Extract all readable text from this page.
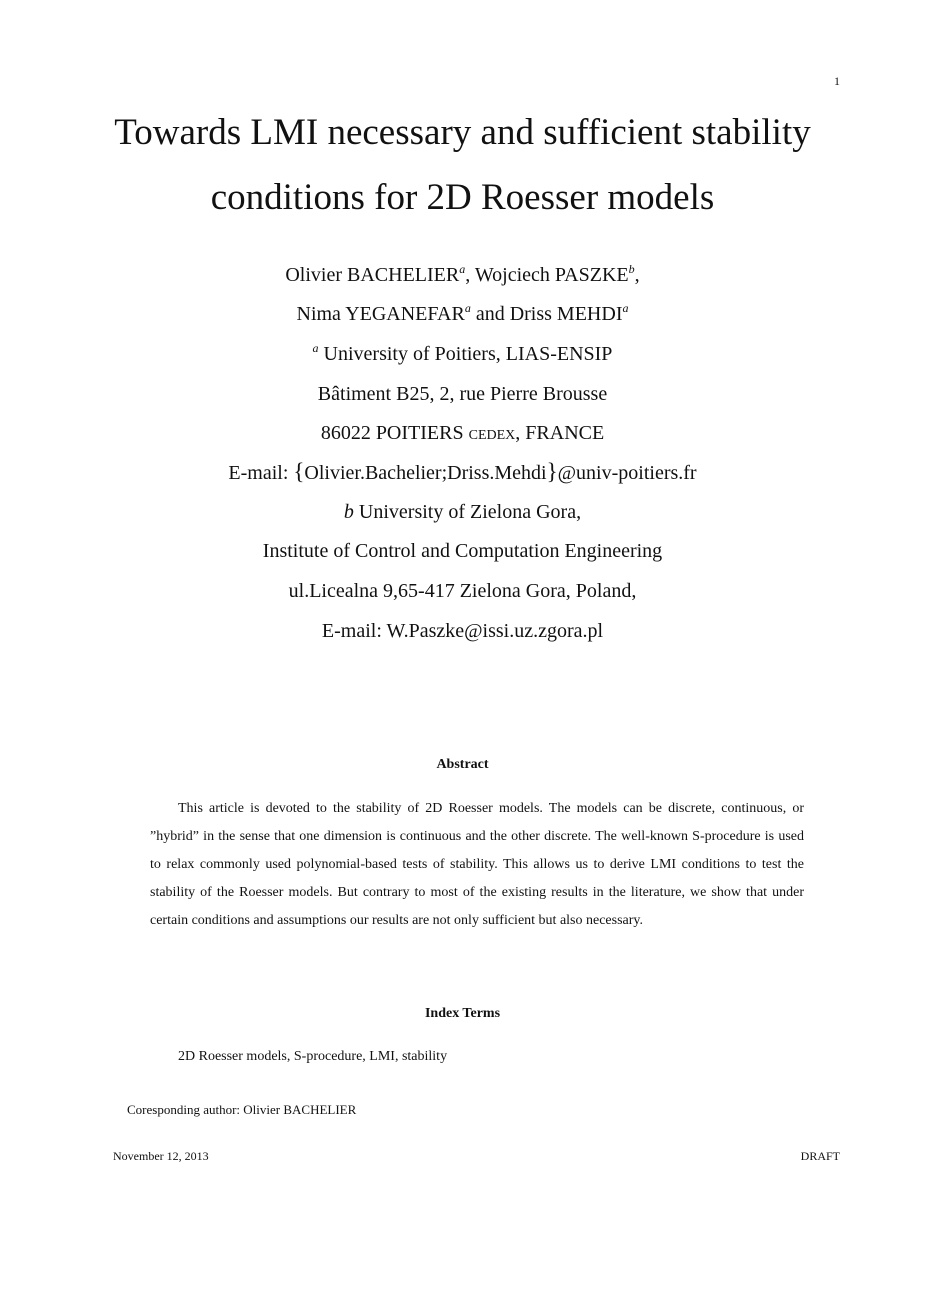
1
Towards LMI necessary and sufficient stability
conditions for 2D Roesser models
Olivier BACHELIER$^a$, Wojciech PASZKE$^b$,
Nima YEGANEFAR$^a$ and Driss MEHDI$^a$
$^a$ University of Poitiers, LIAS-ENSIP
Bâtiment B25, 2, rue Pierre Brousse
86022 POITIERS cedex, FRANCE
E-mail: {Olivier.Bachelier;Driss.Mehdi}@univ-poitiers.fr
b University of Zielona Gora,
Institute of Control and Computation Engineering
ul.Licealna 9,65-417 Zielona Gora, Poland,
E-mail: W.Paszke@issi.uz.zgora.pl
Abstract
This article is devoted to the stability of 2D Roesser models. The models can be discrete, continuous, or ”hybrid” in the sense that one dimension is continuous and the other discrete. The well-known S-procedure is used to relax commonly used polynomial-based tests of stability. This allows us to derive LMI conditions to test the stability of the Roesser models. But contrary to most of the existing results in the literature, we show that under certain conditions and assumptions our results are not only sufficient but also necessary.
Index Terms
2D Roesser models, S-procedure, LMI, stability
Coresponding author: Olivier BACHELIER
November 12, 2013	DRAFT
